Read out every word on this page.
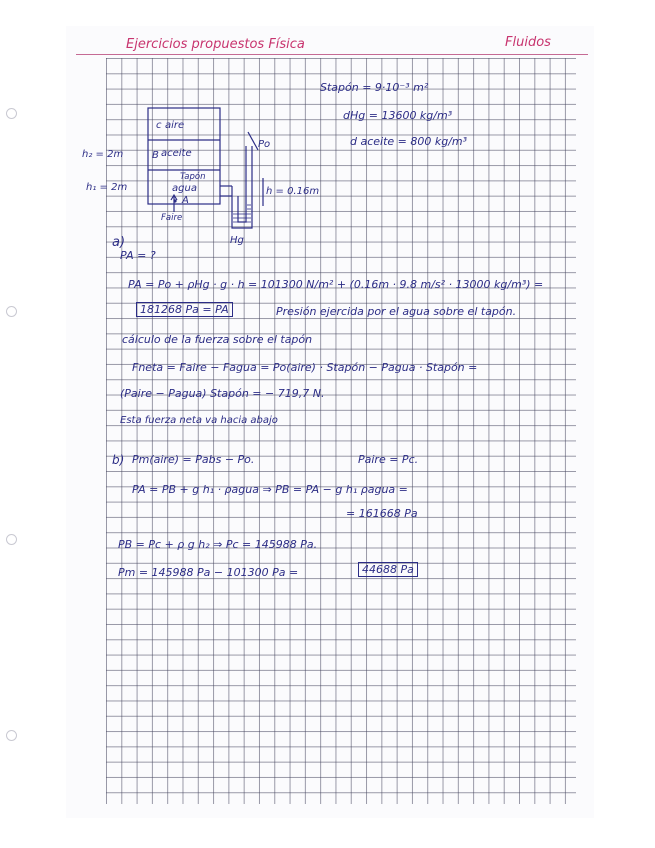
Ejercicios propuestos Física	Fluidos
Stapón = 9·10⁻³ m²
dHg = 13600 kg/m³
d aceite = 800 kg/m³
c aire
B aceite
Tapón
agua
A
Faire
h₂ = 2m
h₁ = 2m
Po
h = 0.16m
Hg
a)
PA = ?
PA = Po + ρHg · g · h = 101300 N/m² + (0.16m · 9.8 m/s² · 13000 kg/m³) =
181268 Pa = PA	Presión ejercida por el agua sobre el tapón.
cálculo de la fuerza sobre el tapón
Fneta = Faire − Fagua = Po(aire) · Stapón − Pagua · Stapón =
(Paire − Pagua) Stapón = − 719,7 N.
Esta fuerza neta va hacia abajo
b) Pm(aire) = Pabs − Po.	Paire = Pc.
PA = PB + g h₁ · ρagua ⇒ PB = PA − g h₁ ρagua =
= 161668 Pa
PB = Pc + ρ g h₂ ⇒ Pc = 145988 Pa.
Pm = 145988 Pa − 101300 Pa =	44688 Pa
